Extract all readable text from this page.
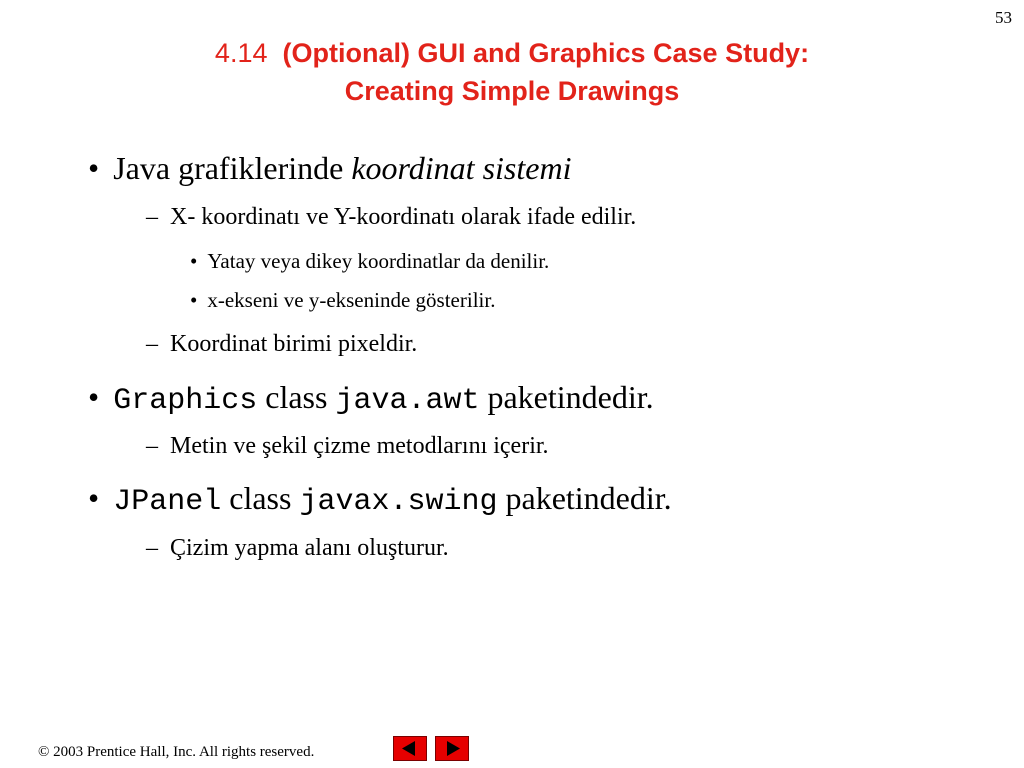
53
4.14 (Optional) GUI and Graphics Case Study:
Creating Simple Drawings
• Java grafiklerinde koordinat sistemi
– X- koordinatı ve Y-koordinatı olarak ifade edilir.
• Yatay veya dikey koordinatlar da denilir.
• x-ekseni ve y-ekseninde gösterilir.
– Koordinat birimi pixeldir.
• Graphics class java.awt paketindedir.
– Metin ve şekil çizme metodlarını içerir.
• JPanel class javax.swing paketindedir.
– Çizim yapma alanı oluşturur.
© 2003 Prentice Hall, Inc. All rights reserved.
